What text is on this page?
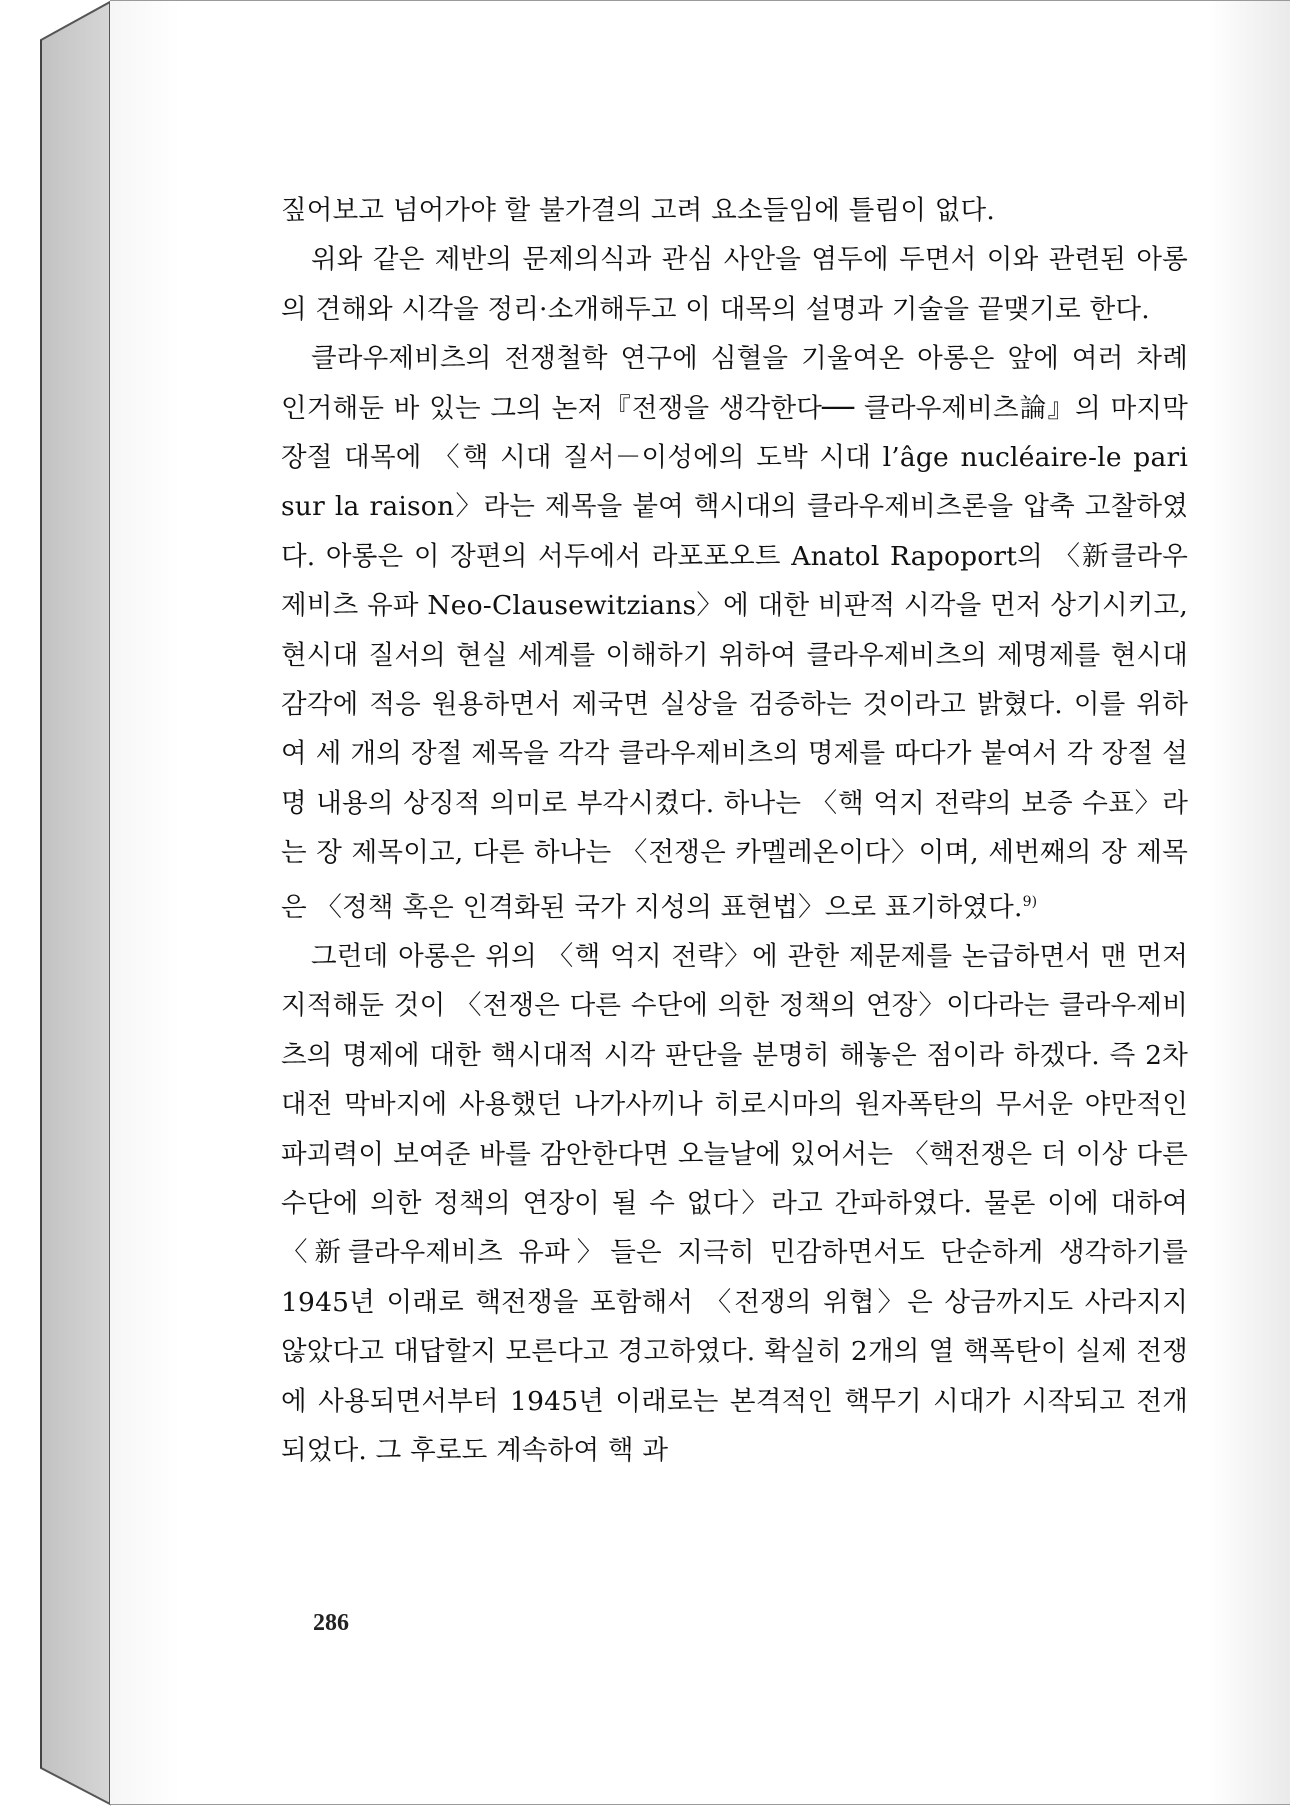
짚어보고 넘어가야 할 불가결의 고려 요소들임에 틀림이 없다.

위와 같은 제반의 문제의식과 관심 사안을 염두에 두면서 이와 관련된 아롱의 견해와 시각을 정리·소개해두고 이 대목의 설명과 기술을 끝맺기로 한다.

클라우제비츠의 전쟁철학 연구에 심혈을 기울여온 아롱은 앞에 여러 차례 인거해둔 바 있는 그의 논저『전쟁을 생각한다── 클라우제비츠論』의 마지막 장절 대목에 〈핵 시대 질서－이성에의 도박 시대 l’âge nucléaire-le pari sur la raison〉라는 제목을 붙여 핵시대의 클라우제비츠론을 압축 고찰하였다. 아롱은 이 장편의 서두에서 라포포오트 Anatol Rapoport의 〈新클라우제비츠 유파 Neo-Clausewitzians〉에 대한 비판적 시각을 먼저 상기시키고, 현시대 질서의 현실 세계를 이해하기 위하여 클라우제비츠의 제명제를 현시대 감각에 적응 원용하면서 제국면 실상을 검증하는 것이라고 밝혔다. 이를 위하여 세 개의 장절 제목을 각각 클라우제비츠의 명제를 따다가 붙여서 각 장절 설명 내용의 상징적 의미로 부각시켰다. 하나는 〈핵 억지 전략의 보증 수표〉라는 장 제목이고, 다른 하나는 〈전쟁은 카멜레온이다〉이며, 세번째의 장 제목은 〈정책 혹은 인격화된 국가 지성의 표현법〉으로 표기하였다.$^{9)}$

그런데 아롱은 위의 〈핵 억지 전략〉에 관한 제문제를 논급하면서 맨 먼저 지적해둔 것이 〈전쟁은 다른 수단에 의한 정책의 연장〉이다라는 클라우제비츠의 명제에 대한 핵시대적 시각 판단을 분명히 해놓은 점이라 하겠다. 즉 2차대전 막바지에 사용했던 나가사끼나 히로시마의 원자폭탄의 무서운 야만적인 파괴력이 보여준 바를 감안한다면 오늘날에 있어서는 〈핵전쟁은 더 이상 다른 수단에 의한 정책의 연장이 될 수 없다〉라고 간파하였다. 물론 이에 대하여 〈新클라우제비츠 유파〉들은 지극히 민감하면서도 단순하게 생각하기를 1945년 이래로 핵전쟁을 포함해서 〈전쟁의 위협〉은 상금까지도 사라지지 않았다고 대답할지 모른다고 경고하였다. 확실히 2개의 열 핵폭탄이 실제 전쟁에 사용되면서부터 1945년 이래로는 본격적인 핵무기 시대가 시작되고 전개되었다. 그 후로도 계속하여 핵 과

286
